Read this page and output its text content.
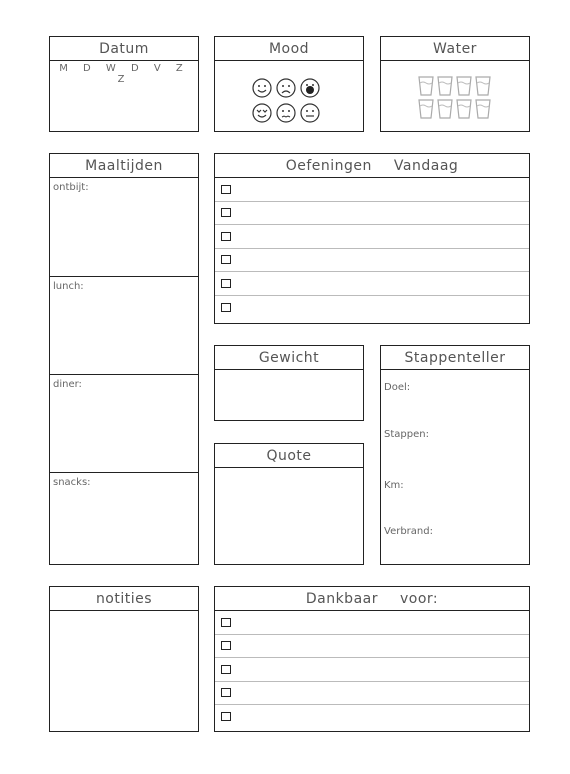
Datum
M D W D V Z Z
Mood	Water
Maaltijden
ontbijt:
lunch:
diner:
snacks:
Oefeningen Vandaag
Gewicht
Quote
Stappenteller
Doel:
Stappen:
Km:
Verbrand:
notities	Dankbaar voor:
